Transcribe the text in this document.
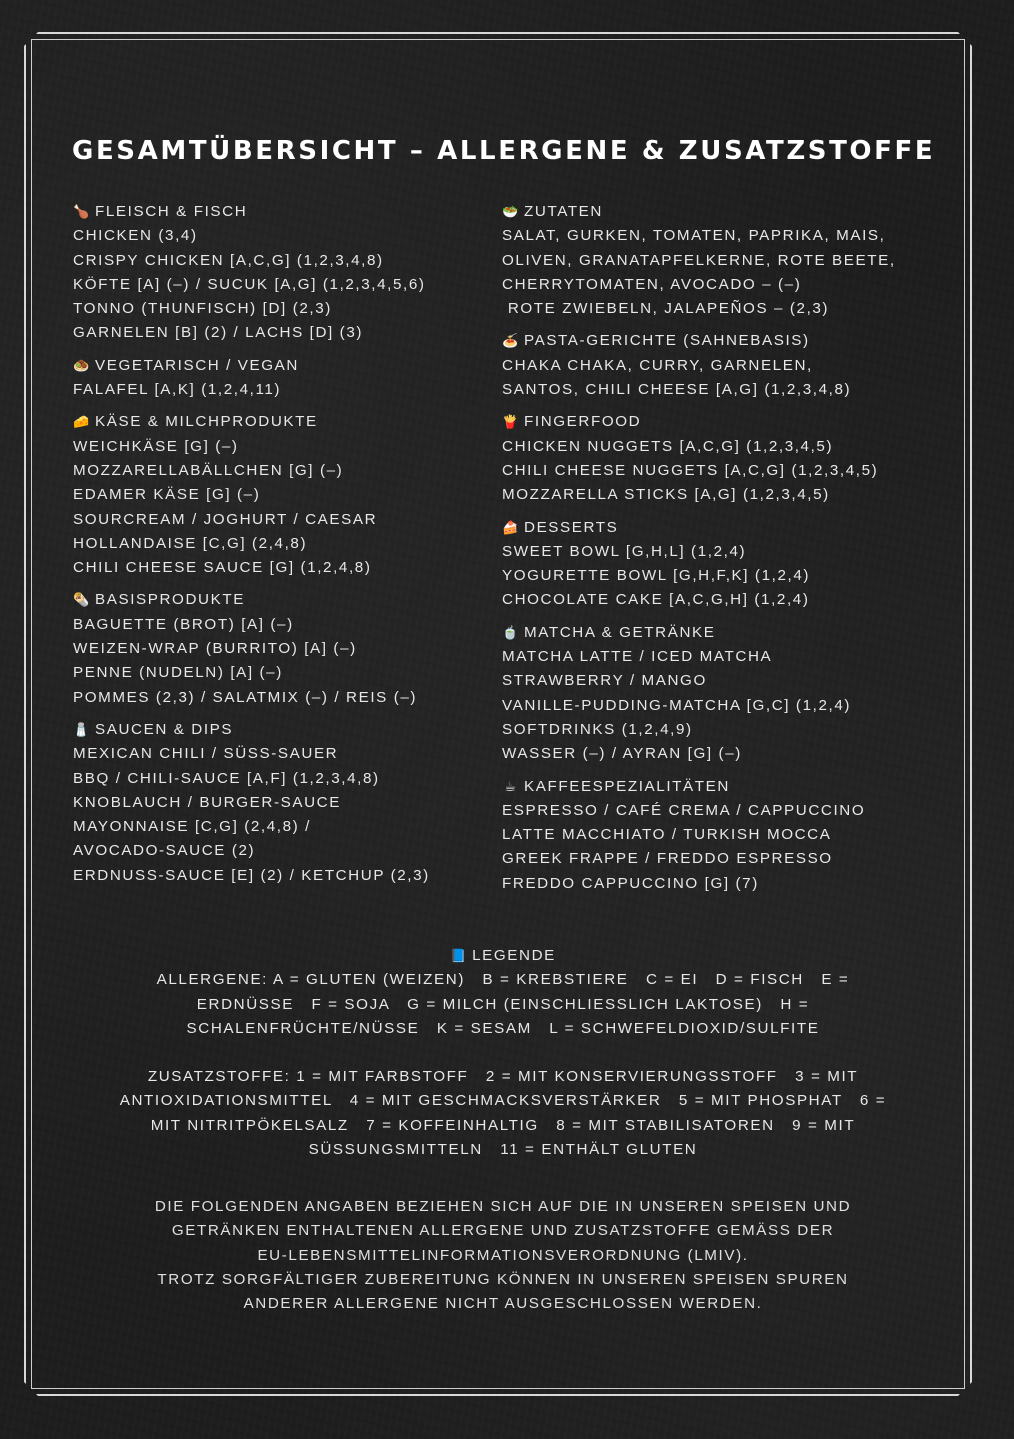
GESAMTÜBERSICHT – ALLERGENE & ZUSATZSTOFFE
🍗 FLEISCH & FISCH
CHICKEN (3,4)
CRISPY CHICKEN [A,C,G] (1,2,3,4,8)
KÖFTE [A] (–) / SUCUK [A,G] (1,2,3,4,5,6)
TONNO (THUNFISCH) [D] (2,3)
GARNELEN [B] (2) / LACHS [D] (3)
🧆 VEGETARISCH / VEGAN
FALAFEL [A,K] (1,2,4,11)
🧀 KÄSE & MILCHPRODUKTE
WEICHKÄSE [G] (–)
MOZZARELLABÄLLCHEN [G] (–)
EDAMER KÄSE [G] (–)
SOURCREAM / JOGHURT / CAESAR
HOLLANDAISE [C,G] (2,4,8)
CHILI CHEESE SAUCE [G] (1,2,4,8)
🌯 BASISPRODUKTE
BAGUETTE (BROT) [A] (–)
WEIZEN-WRAP (BURRITO) [A] (–)
PENNE (NUDELN) [A] (–)
POMMES (2,3) / SALATMIX (–) / REIS (–)
🧂 SAUCEN & DIPS
MEXICAN CHILI / SÜSS-SAUER
BBQ / CHILI-SAUCE [A,F] (1,2,3,4,8)
KNOBLAUCH / BURGER-SAUCE
MAYONNAISE [C,G] (2,4,8) /
AVOCADO-SAUCE (2)
ERDNUSS-SAUCE [E] (2) / KETCHUP (2,3)
🥗 ZUTATEN
SALAT, GURKEN, TOMATEN, PAPRIKA, MAIS,
OLIVEN, GRANATAPFELKERNE, ROTE BEETE,
CHERRYTOMATEN, AVOCADO – (–)
ROTE ZWIEBELN, JALAPEÑOS – (2,3)
🍝 PASTA-GERICHTE (SAHNEBASIS)
CHAKA CHAKA, CURRY, GARNELEN,
SANTOS, CHILI CHEESE [A,G] (1,2,3,4,8)
🍟 FINGERFOOD
CHICKEN NUGGETS [A,C,G] (1,2,3,4,5)
CHILI CHEESE NUGGETS [A,C,G] (1,2,3,4,5)
MOZZARELLA STICKS [A,G] (1,2,3,4,5)
🍰 DESSERTS
SWEET BOWL [G,H,L] (1,2,4)
YOGURETTE BOWL [G,H,F,K] (1,2,4)
CHOCOLATE CAKE [A,C,G,H] (1,2,4)
🍵 MATCHA & GETRÄNKE
MATCHA LATTE / ICED MATCHA
STRAWBERRY / MANGO
VANILLE-PUDDING-MATCHA [G,C] (1,2,4)
SOFTDRINKS (1,2,4,9)
WASSER (–) / AYRAN [G] (–)
☕ KAFFEESPEZIALITÄTEN
ESPRESSO / CAFÉ CREMA / CAPPUCCINO
LATTE MACCHIATO / TURKISH MOCCA
GREEK FRAPPE / FREDDO ESPRESSO
FREDDO CAPPUCCINO [G] (7)
📘 LEGENDE
ALLERGENE: A = GLUTEN (WEIZEN)   B = KREBSTIERE   C = EI   D = FISCH   E =
ERDNÜSSE   F = SOJA   G = MILCH (EINSCHLIESSLICH LAKTOSE)   H =
SCHALENFRÜCHTE/NÜSSE   K = SESAM   L = SCHWEFELDIOXID/SULFITE
ZUSATZSTOFFE: 1 = MIT FARBSTOFF   2 = MIT KONSERVIERUNGSSTOFF   3 = MIT
ANTIOXIDATIONSMITTEL   4 = MIT GESCHMACKSVERSTÄRKER   5 = MIT PHOSPHAT   6 =
MIT NITRITPÖKELSALZ   7 = KOFFEINHALTIG   8 = MIT STABILISATOREN   9 = MIT
SÜSSUNGSMITTELN   11 = ENTHÄLT GLUTEN
DIE FOLGENDEN ANGABEN BEZIEHEN SICH AUF DIE IN UNSEREN SPEISEN UND
GETRÄNKEN ENTHALTENEN ALLERGENE UND ZUSATZSTOFFE GEMÄSS DER
EU-LEBENSMITTELINFORMATIONSVERORDNUNG (LMIV).
TROTZ SORGFÄLTIGER ZUBEREITUNG KÖNNEN IN UNSEREN SPEISEN SPUREN
ANDERER ALLERGENE NICHT AUSGESCHLOSSEN WERDEN.
